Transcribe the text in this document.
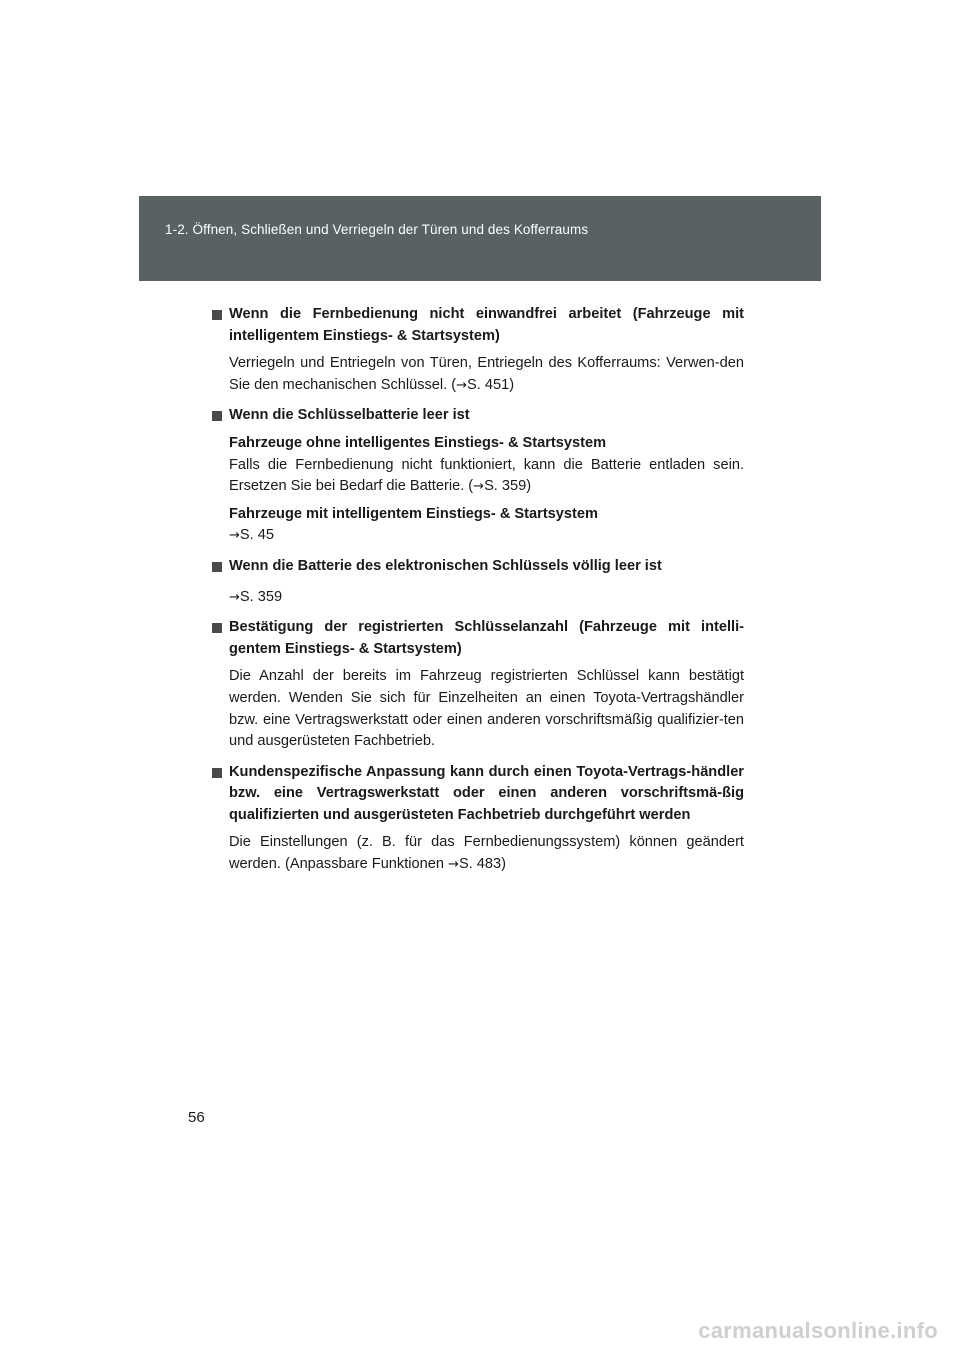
1-2. Öffnen, Schließen und Verriegeln der Türen und des Kofferraums

Wenn die Fernbedienung nicht einwandfrei arbeitet (Fahrzeuge mit intelligentem Einstiegs- & Startsystem)

Verriegeln und Entriegeln von Türen, Entriegeln des Kofferraums: Verwen-den Sie den mechanischen Schlüssel. (→S. 451)

Wenn die Schlüsselbatterie leer ist

Fahrzeuge ohne intelligentes Einstiegs- & Startsystem

Falls die Fernbedienung nicht funktioniert, kann die Batterie entladen sein. Ersetzen Sie bei Bedarf die Batterie. (→S. 359)

Fahrzeuge mit intelligentem Einstiegs- & Startsystem

→S. 45

Wenn die Batterie des elektronischen Schlüssels völlig leer ist

→S. 359

Bestätigung der registrierten Schlüsselanzahl (Fahrzeuge mit intelli-gentem Einstiegs- & Startsystem)

Die Anzahl der bereits im Fahrzeug registrierten Schlüssel kann bestätigt werden. Wenden Sie sich für Einzelheiten an einen Toyota-Vertragshändler bzw. eine Vertragswerkstatt oder einen anderen vorschriftsmäßig qualifizier-ten und ausgerüsteten Fachbetrieb.

Kundenspezifische Anpassung kann durch einen Toyota-Vertrags-händler bzw. eine Vertragswerkstatt oder einen anderen vorschriftsmä-ßig qualifizierten und ausgerüsteten Fachbetrieb durchgeführt werden

Die Einstellungen (z. B. für das Fernbedienungssystem) können geändert werden. (Anpassbare Funktionen →S. 483)

56
carmanualsonline.info
